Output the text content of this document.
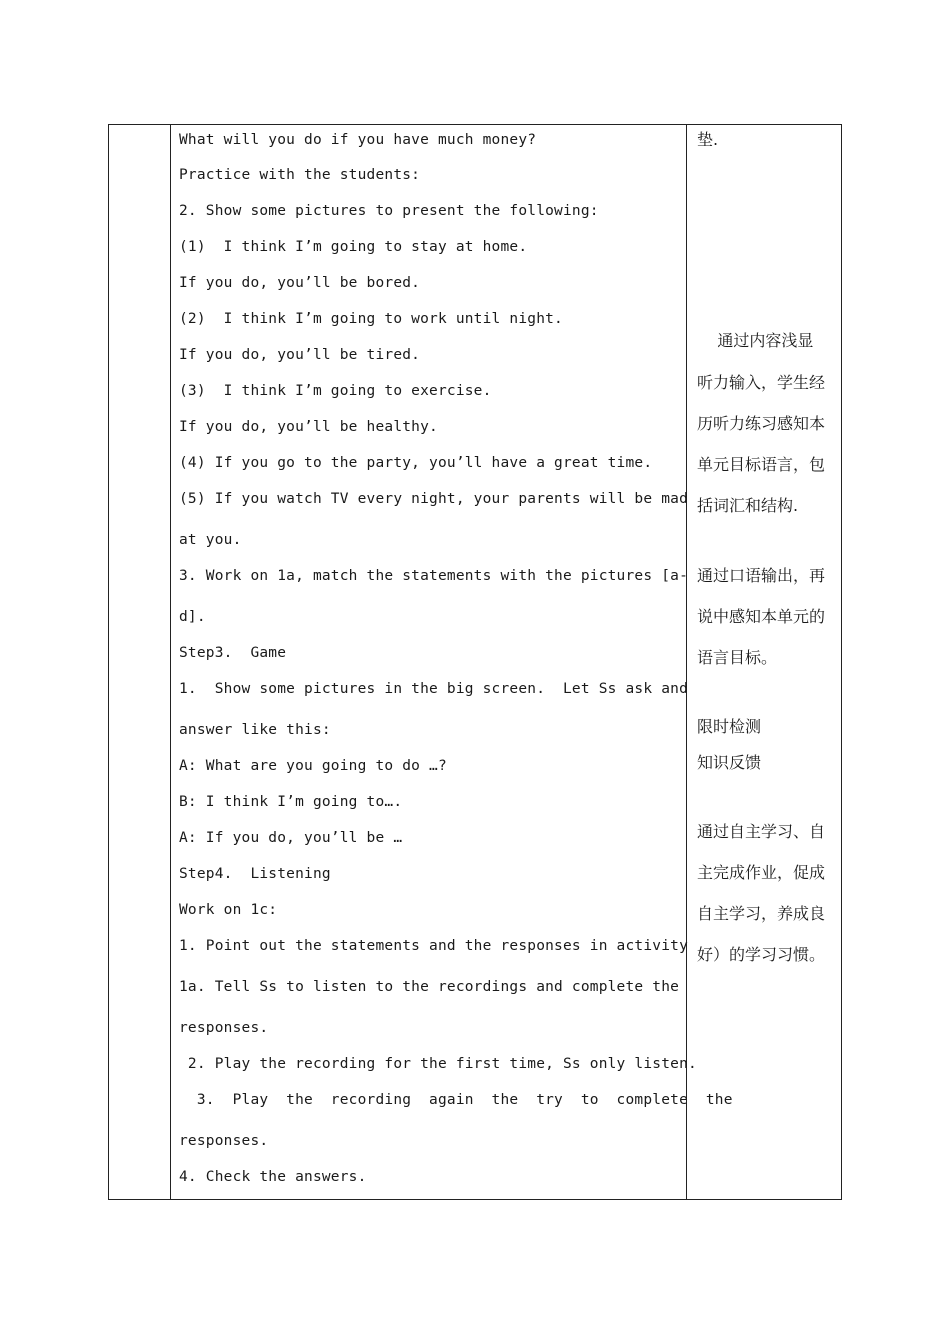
What will you do if you have much money?
Practice with the students:
2. Show some pictures to present the following:
(1)  I think I’m going to stay at home.
If you do, you’ll be bored.
(2)  I think I’m going to work until night.
If you do, you’ll be tired.
(3)  I think I’m going to exercise.
If you do, you’ll be healthy.
(4) If you go to the party, you’ll have a great time.
(5) If you watch TV every night, your parents will be mad
at you.
3. Work on 1a, match the statements with the pictures [a-
d].
Step3.  Game
1.  Show some pictures in the big screen.  Let Ss ask and
answer like this:
A: What are you going to do …?
B: I think I’m going to….
A: If you do, you’ll be …
Step4.  Listening
Work on 1c:
1. Point out the statements and the responses in activity
1a. Tell Ss to listen to the recordings and complete the
responses.
2. Play the recording for the first time, Ss only listen.
3.  Play  the  recording  again  the  try  to  complete  the
responses.
4. Check the answers.
垫.
通过内容浅显
听力输入，学生经
历听力练习感知本
单元目标语言，包
括词汇和结构.
通过口语输出，再
说中感知本单元的
语言目标。
限时检测
知识反馈
通过自主学习、自
主完成作业，促成
自主学习，养成良
好）的学习习惯。
